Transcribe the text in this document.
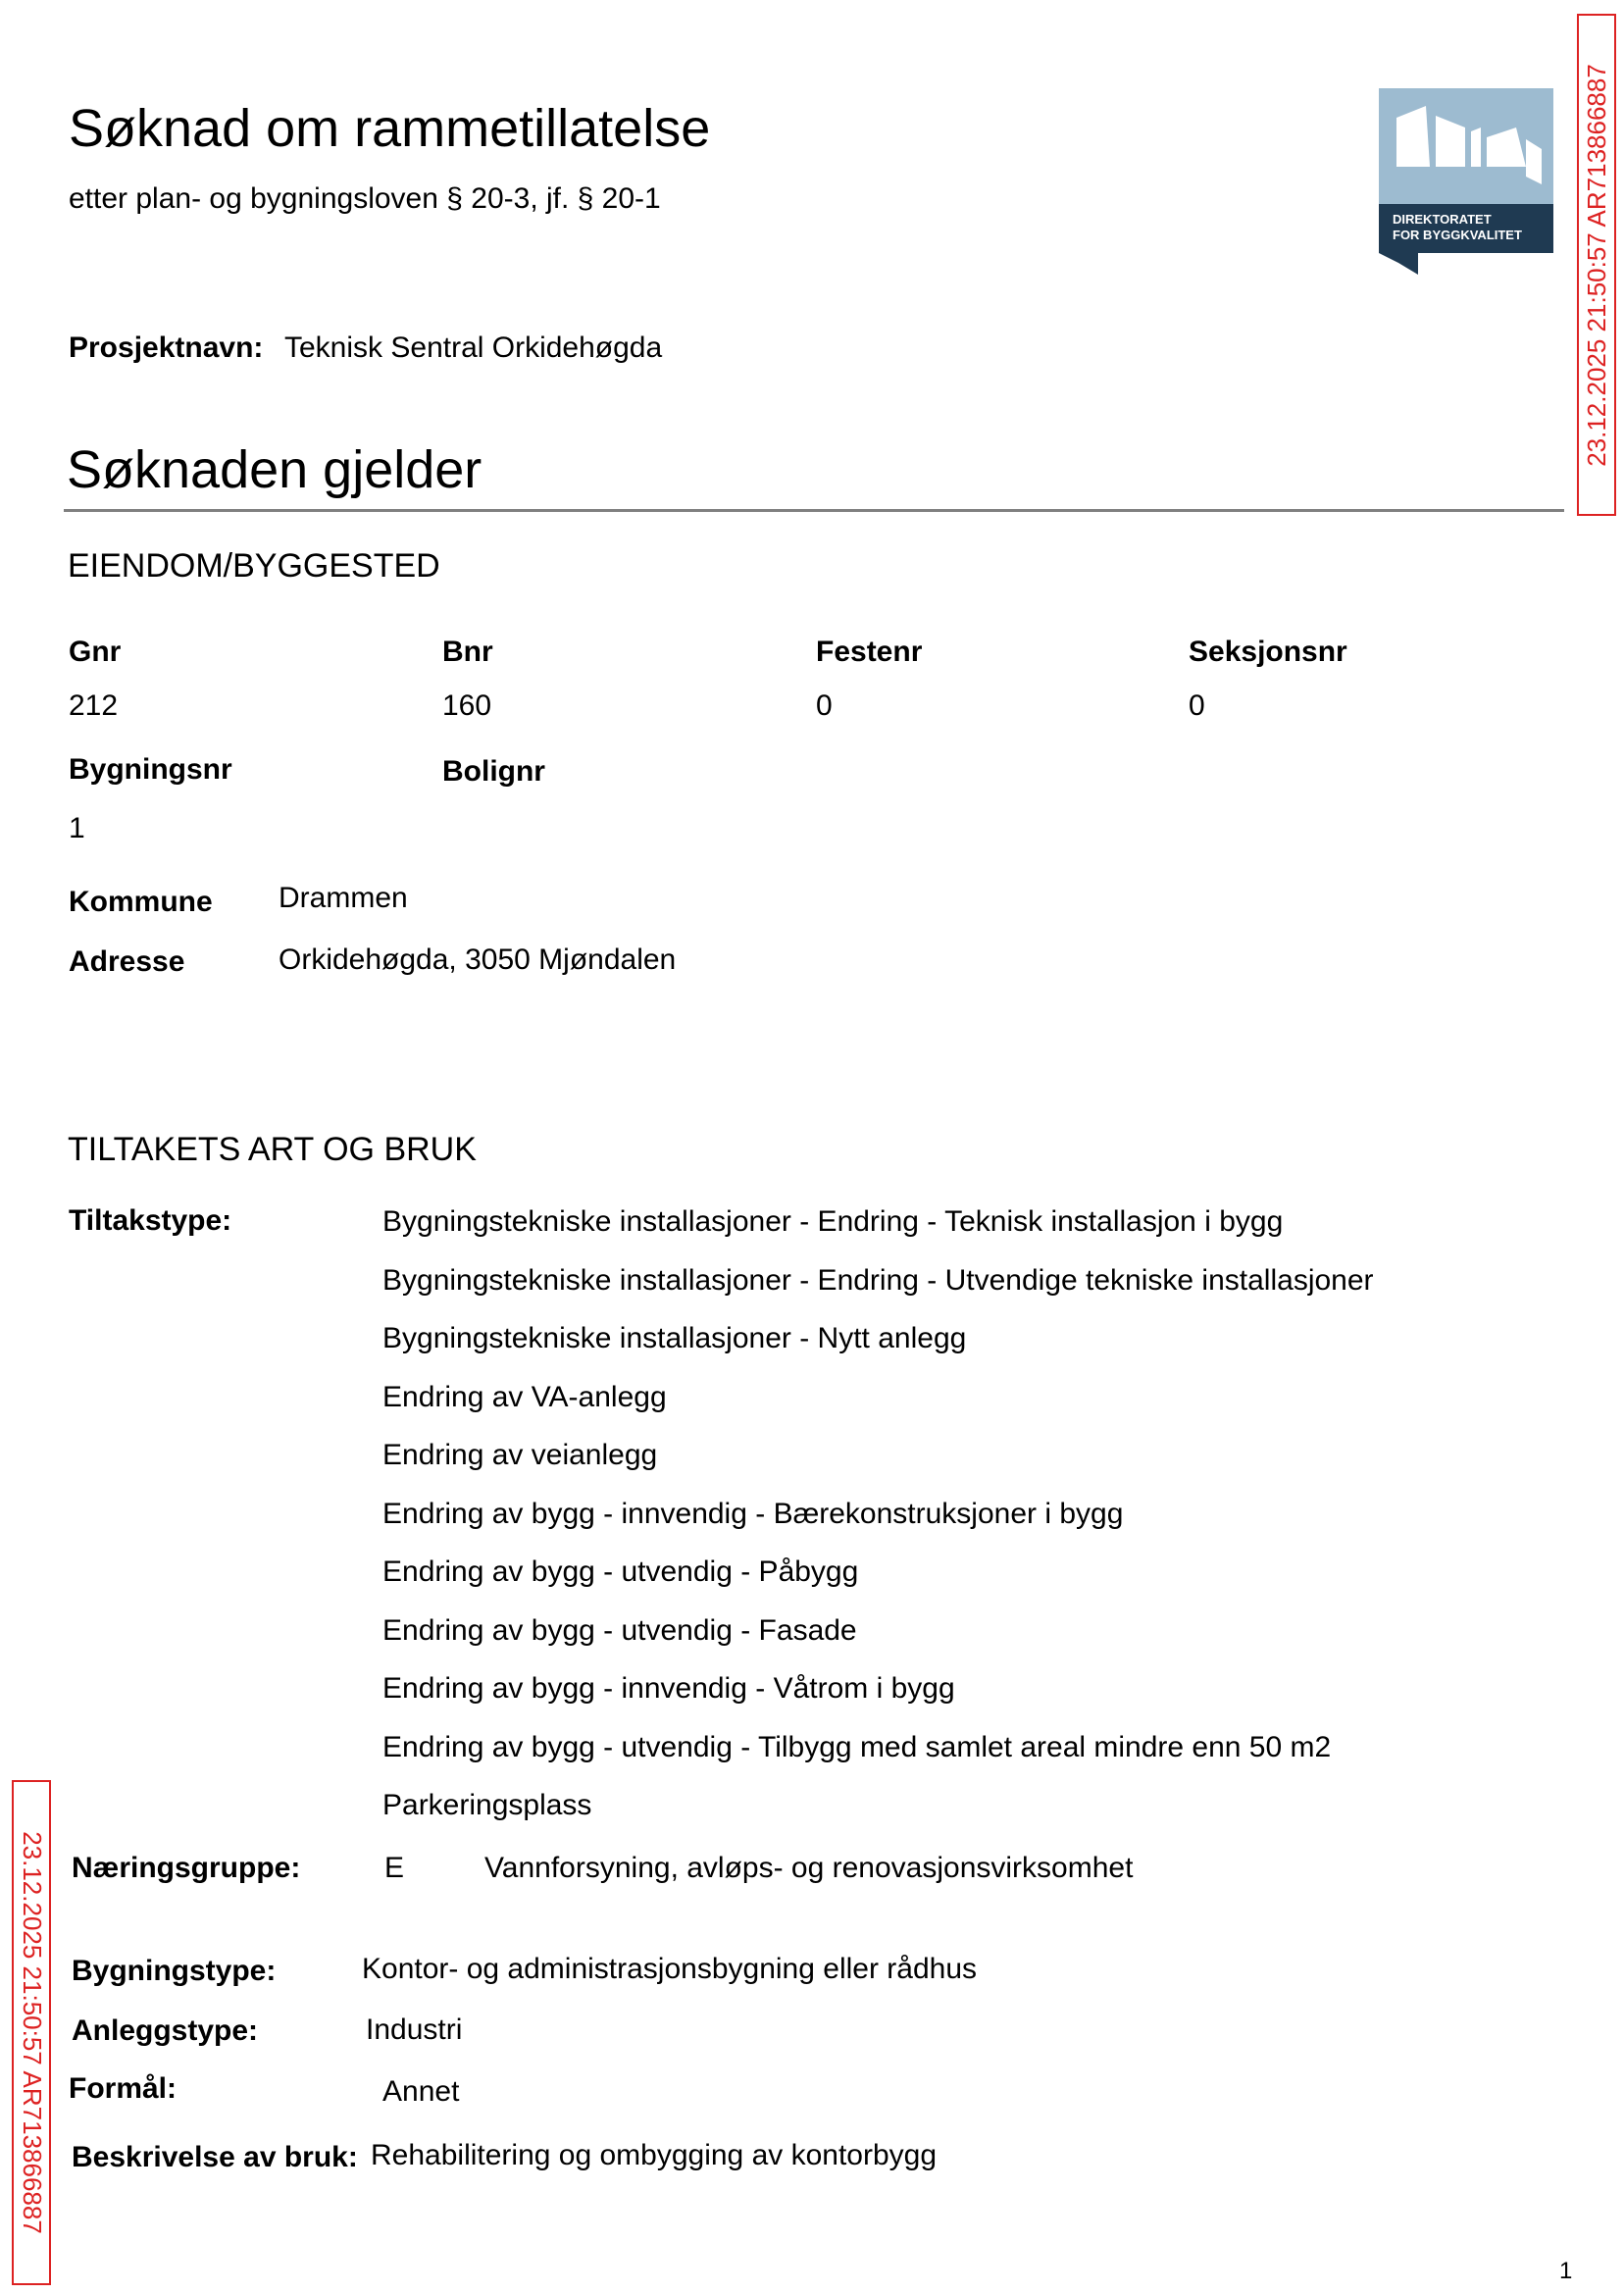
Søknad om rammetillatelse
etter plan- og bygningsloven § 20-3, jf. § 20-1
DIREKTORATET
FOR BYGGKVALITET 23.12.2025 21:50:57 AR713866887
23.12.2025 21:50:57 AR713866887
Prosjektnavn: Teknisk Sentral Orkidehøgda
Søknaden gjelder
EIENDOM/BYGGESTED
Gnr	Bnr	Festenr	Seksjonsnr
212	160	0	0
Bygningsnr	Bolignr
1
Kommune Drammen
Adresse	Orkidehøgda, 3050 Mjøndalen
TILTAKETS ART OG BRUK
Tiltakstype:	Bygningstekniske installasjoner - Endring - Teknisk installasjon i bygg
Bygningstekniske installasjoner - Endring - Utvendige tekniske installasjoner
Bygningstekniske installasjoner - Nytt anlegg
Endring av VA-anlegg
Endring av veianlegg
Endring av bygg - innvendig - Bærekonstruksjoner i bygg
Endring av bygg - utvendig - Påbygg
Endring av bygg - utvendig - Fasade
Endring av bygg - innvendig - Våtrom i bygg
Endring av bygg - utvendig - Tilbygg med samlet areal mindre enn 50 m2
Parkeringsplass
Næringsgruppe:	E	Vannforsyning, avløps- og renovasjonsvirksomhet
Bygningstype:	Kontor- og administrasjonsbygning eller rådhus
Anleggstype:	Industri
Formål:	Annet
Beskrivelse av bruk: Rehabilitering og ombygging av kontorbygg
1
